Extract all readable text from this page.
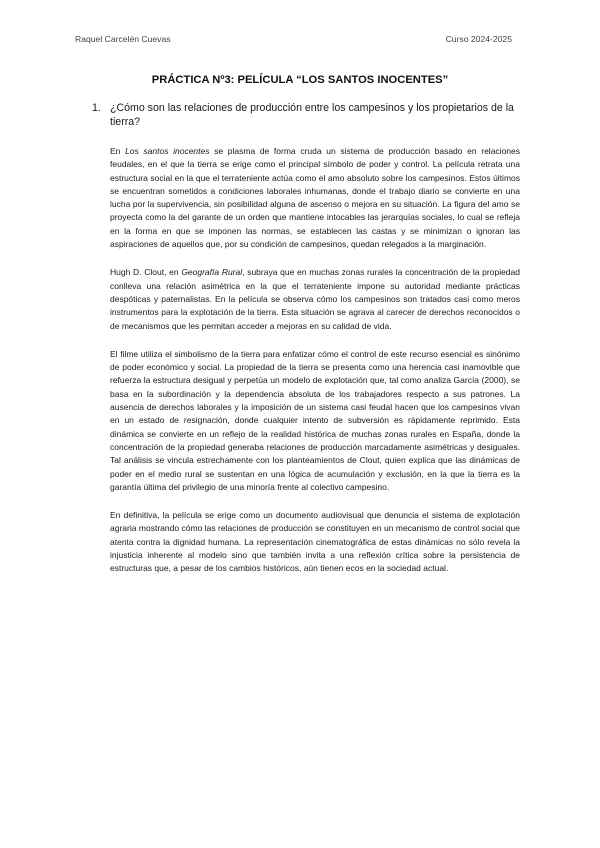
Raquel Carcelén Cuevas	Curso 2024-2025
PRÁCTICA Nº3: PELÍCULA “LOS SANTOS INOCENTES”
1. ¿Cómo son las relaciones de producción entre los campesinos y los propietarios de la tierra?

En Los santos inocentes se plasma de forma cruda un sistema de producción basado en relaciones feudales, en el que la tierra se erige como el principal símbolo de poder y control. La película retrata una estructura social en la que el terrateniente actúa como el amo absoluto sobre los campesinos. Estos últimos se encuentran sometidos a condiciones laborales inhumanas, donde el trabajo diario se convierte en una lucha por la supervivencia, sin posibilidad alguna de ascenso o mejora en su situación. La figura del amo se proyecta como la del garante de un orden que mantiene intocables las jerarquías sociales, lo cual se refleja en la forma en que se imponen las normas, se establecen las castas y se minimizan o ignoran las aspiraciones de aquellos que, por su condición de campesinos, quedan relegados a la marginación.

Hugh D. Clout, en Geografía Rural, subraya que en muchas zonas rurales la concentración de la propiedad conlleva una relación asimétrica en la que el terrateniente impone su autoridad mediante prácticas despóticas y paternalistas. En la película se observa cómo los campesinos son tratados casi como meros instrumentos para la explotación de la tierra. Esta situación se agrava al carecer de derechos reconocidos o de mecanismos que les permitan acceder a mejoras en su calidad de vida.

El filme utiliza el simbolismo de la tierra para enfatizar cómo el control de este recurso esencial es sinónimo de poder económico y social. La propiedad de la tierra se presenta como una herencia casi inamovible que refuerza la estructura desigual y perpetúa un modelo de explotación que, tal como analiza García (2000), se basa en la subordinación y la dependencia absoluta de los trabajadores respecto a sus patrones. La ausencia de derechos laborales y la imposición de un sistema casi feudal hacen que los campesinos vivan en un estado de resignación, donde cualquier intento de subversión es rápidamente reprimido. Esta dinámica se convierte en un reflejo de la realidad histórica de muchas zonas rurales en España, donde la concentración de la propiedad generaba relaciones de producción marcadamente asimétricas y desiguales. Tal análisis se vincula estrechamente con los planteamientos de Clout, quien explica que las dinámicas de poder en el medio rural se sustentan en una lógica de acumulación y exclusión, en la que la tierra es la garantía última del privilegio de una minoría frente al colectivo campesino.

En definitiva, la película se erige como un documento audiovisual que denuncia el sistema de explotación agraria mostrando cómo las relaciones de producción se constituyen en un mecanismo de control social que atenta contra la dignidad humana. La representación cinematográfica de estas dinámicas no sólo revela la injusticia inherente al modelo sino que también invita a una reflexión crítica sobre la persistencia de estructuras que, a pesar de los cambios históricos, aún tienen ecos en la sociedad actual.
